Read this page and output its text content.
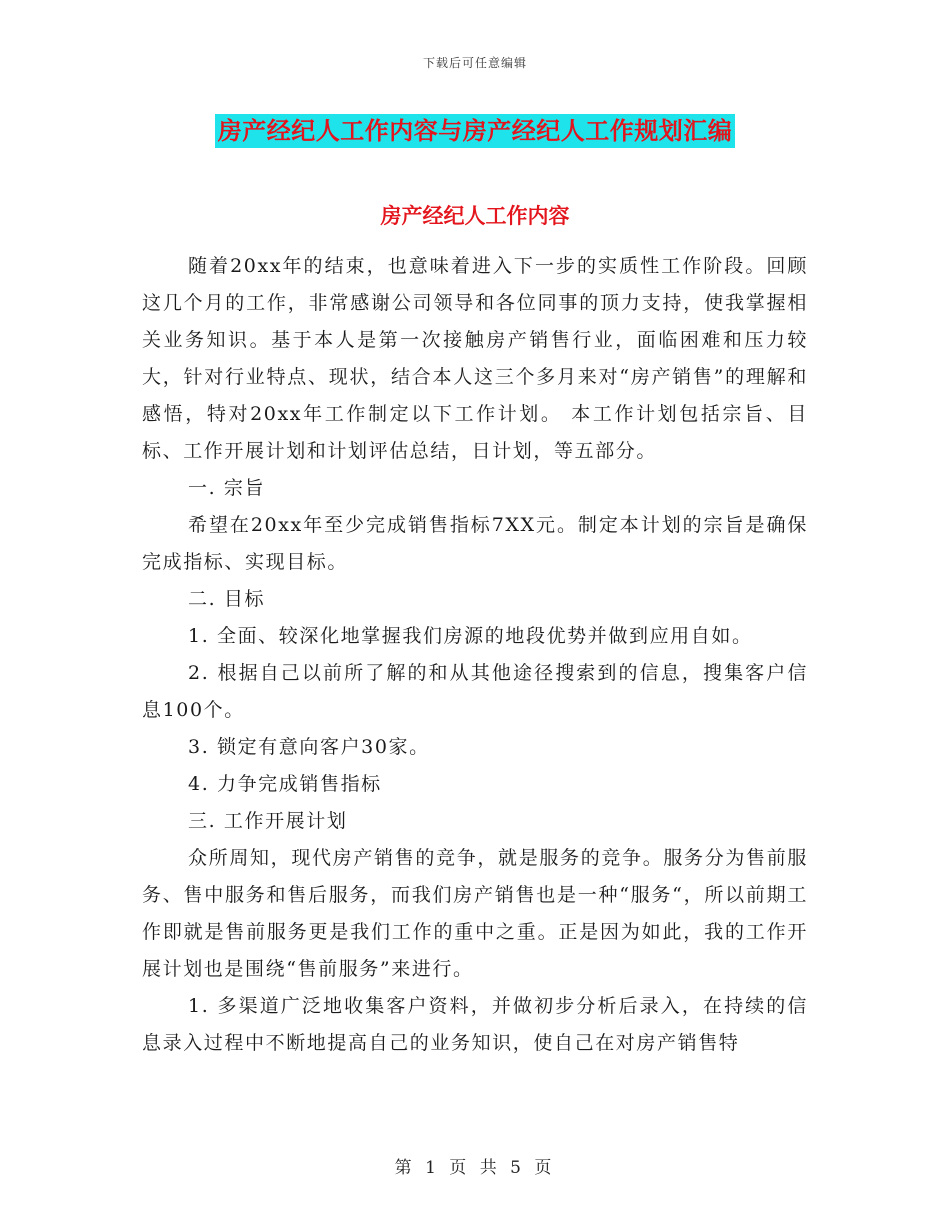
下载后可任意编辑
房产经纪人工作内容与房产经纪人工作规划汇编
房产经纪人工作内容

随着20xx年的结束，也意味着进入下一步的实质性工作阶段。回顾这几个月的工作，非常感谢公司领导和各位同事的顶力支持，使我掌握相关业务知识。基于本人是第一次接触房产销售行业，面临困难和压力较大，针对行业特点、现状，结合本人这三个多月来对“房产销售”的理解和感悟，特对20xx年工作制定以下工作计划。 本工作计划包括宗旨、目标、工作开展计划和计划评估总结，日计划，等五部分。

一. 宗旨

希望在20xx年至少完成销售指标7XX元。制定本计划的宗旨是确保完成指标、实现目标。

二. 目标

1. 全面、较深化地掌握我们房源的地段优势并做到应用自如。

2. 根据自己以前所了解的和从其他途径搜索到的信息，搜集客户信息100个。

3. 锁定有意向客户30家。

4. 力争完成销售指标

三. 工作开展计划

众所周知，现代房产销售的竞争，就是服务的竞争。服务分为售前服务、售中服务和售后服务，而我们房产销售也是一种“服务“，所以前期工作即就是售前服务更是我们工作的重中之重。正是因为如此，我的工作开展计划也是围绕“售前服务”来进行。

1. 多渠道广泛地收集客户资料，并做初步分析后录入，在持续的信息录入过程中不断地提高自己的业务知识，使自己在对房产销售特

第 1 页 共 5 页
